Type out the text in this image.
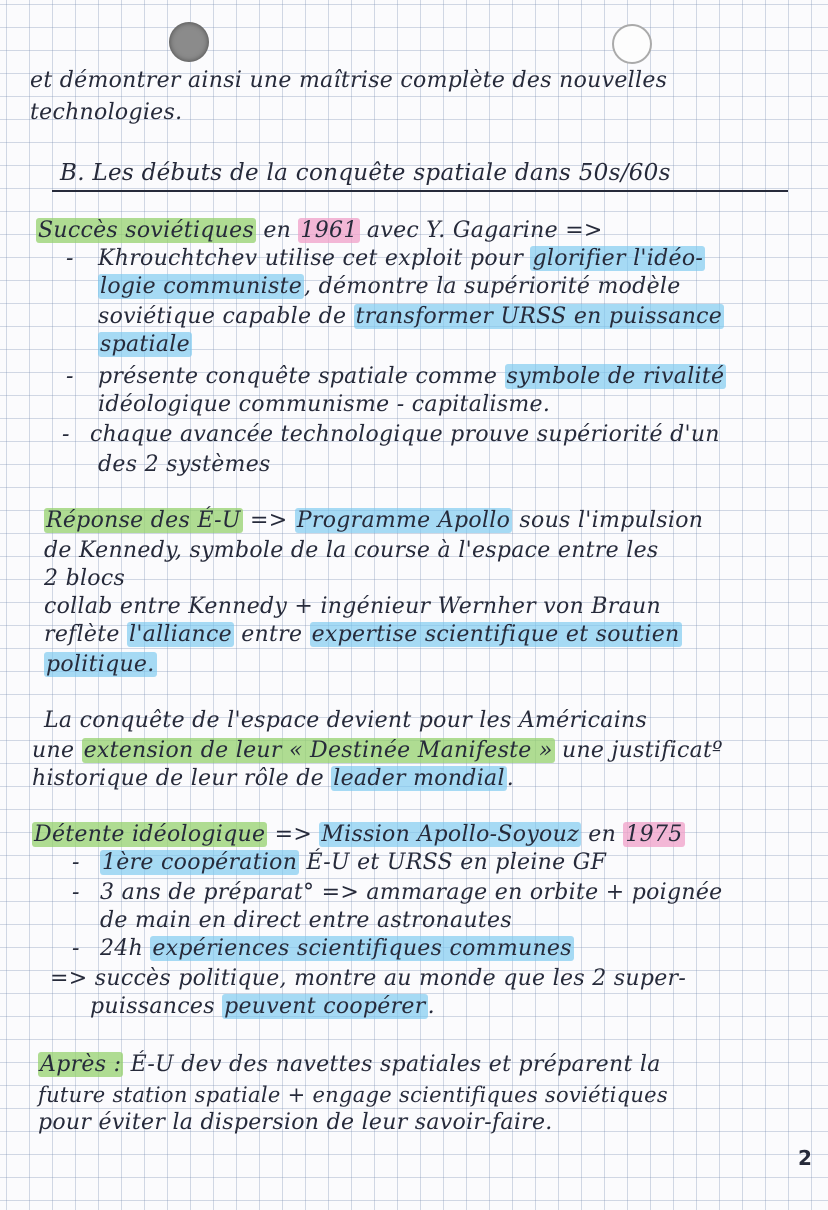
et démontrer ainsi une maîtrise complète des nouvelles
technologies.
B. Les débuts de la conquête spatiale dans 50s/60s
Succès soviétiques en 1961 avec Y. Gagarine =>
- Khrouchtchev utilise cet exploit pour glorifier l'idéo-
logie communiste, démontre la supériorité modèle
soviétique capable de transformer URSS en puissance
spatiale
- présente conquête spatiale comme symbole de rivalité
idéologique communisme - capitalisme.
- chaque avancée technologique prouve supériorité d'un
des 2 systèmes
Réponse des É-U => Programme Apollo sous l'impulsion
de Kennedy, symbole de la course à l'espace entre les
2 blocs
collab entre Kennedy + ingénieur Wernher von Braun
reflète l'alliance entre expertise scientifique et soutien
politique.
La conquête de l'espace devient pour les Américains
une extension de leur « Destinée Manifeste » une justificatº
historique de leur rôle de leader mondial.
Détente idéologique => Mission Apollo-Soyouz en 1975
- 1ère coopération É-U et URSS en pleine GF
- 3 ans de préparat° => ammarage en orbite + poignée
de main en direct entre astronautes
- 24h expériences scientifiques communes
=> succès politique, montre au monde que les 2 super-
puissances peuvent coopérer.
Après : É-U dev des navettes spatiales et préparent la
future station spatiale + engage scientifiques soviétiques
pour éviter la dispersion de leur savoir-faire.
2
